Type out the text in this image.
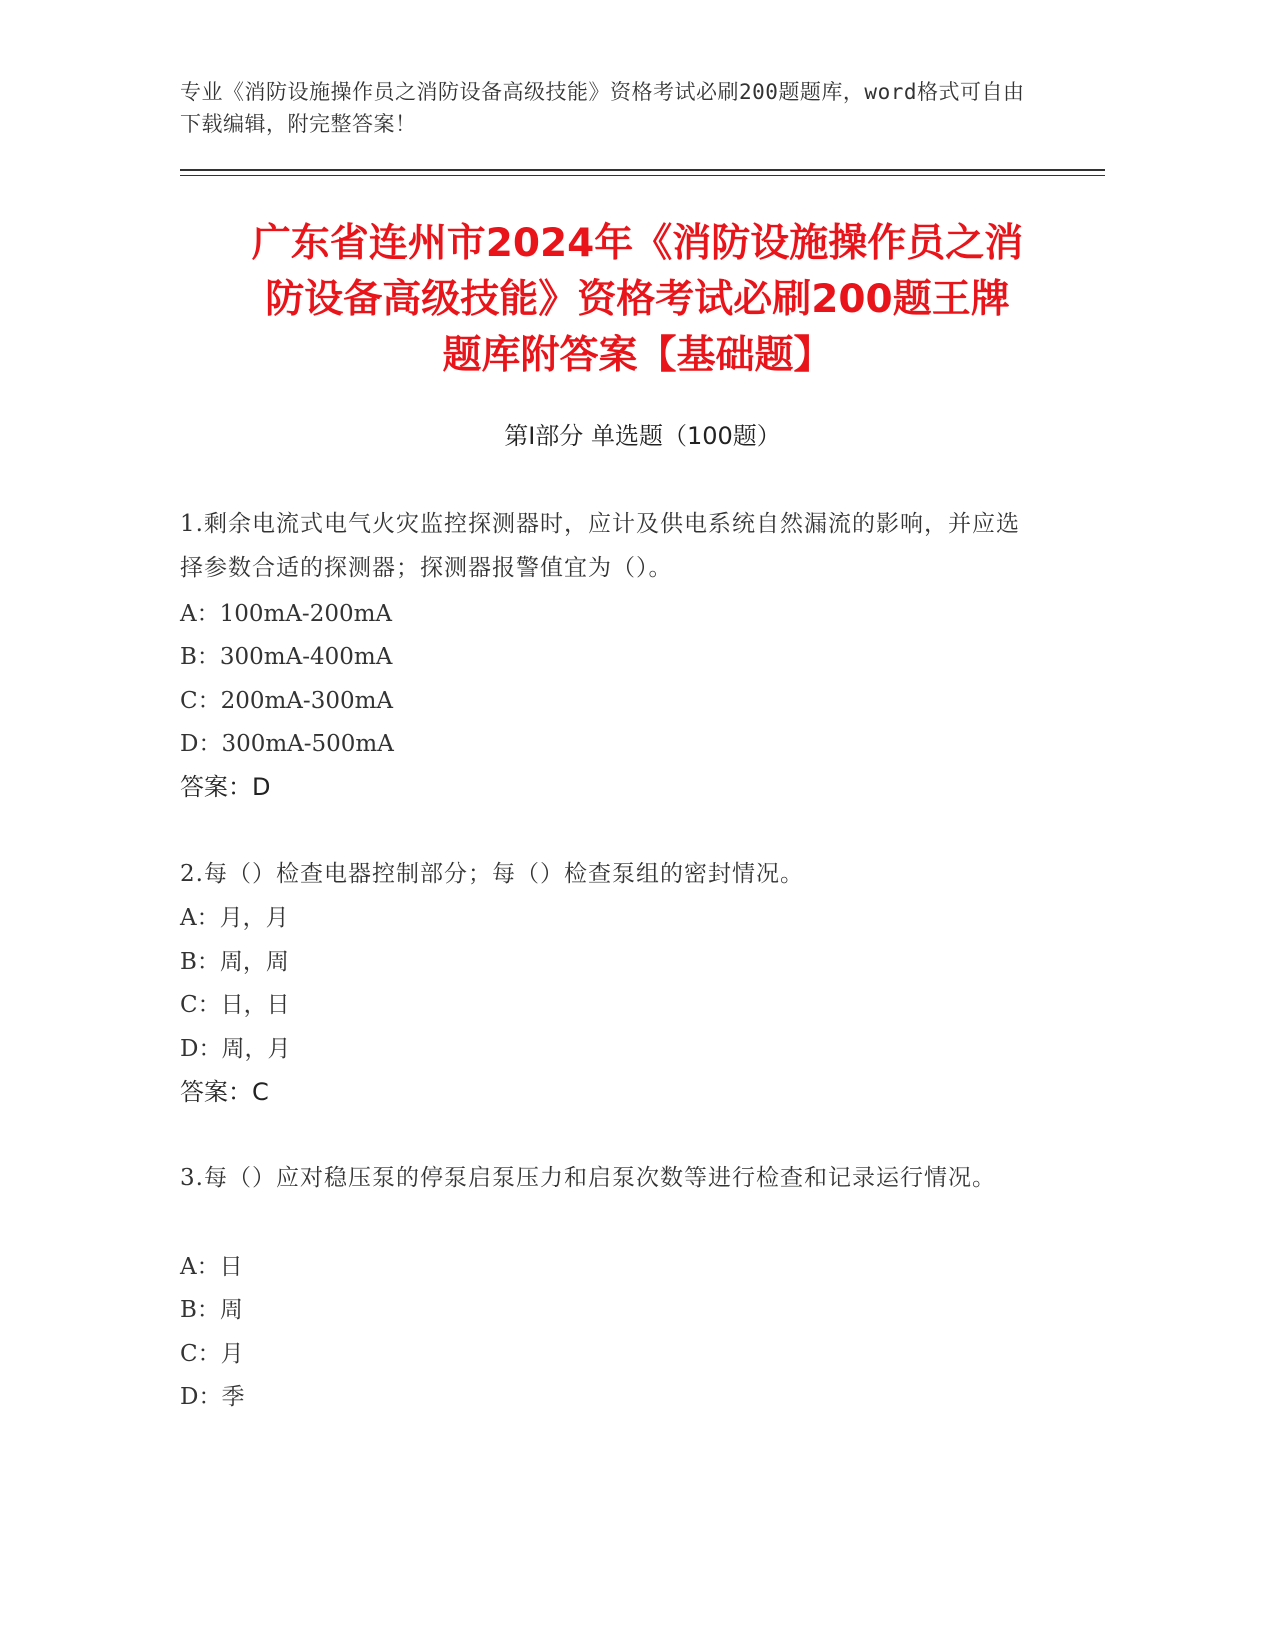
专业《消防设施操作员之消防设备高级技能》资格考试必刷200题题库，word格式可自由下载编辑，附完整答案！
广东省连州市2024年《消防设施操作员之消
防设备高级技能》资格考试必刷200题王牌
题库附答案【基础题】
第Ⅰ部分 单选题（100题）
1.剩余电流式电气火灾监控探测器时，应计及供电系统自然漏流的影响，并应选择参数合适的探测器；探测器报警值宜为（）。
A：100mA-200mA
B：300mA-400mA
C：200mA-300mA
D：300mA-500mA
答案：D
2.每（）检查电器控制部分；每（）检查泵组的密封情况。
A：月，月
B：周，周
C：日，日
D：周，月
答案：C
3.每（）应对稳压泵的停泵启泵压力和启泵次数等进行检查和记录运行情况。
A：日
B：周
C：月
D：季
